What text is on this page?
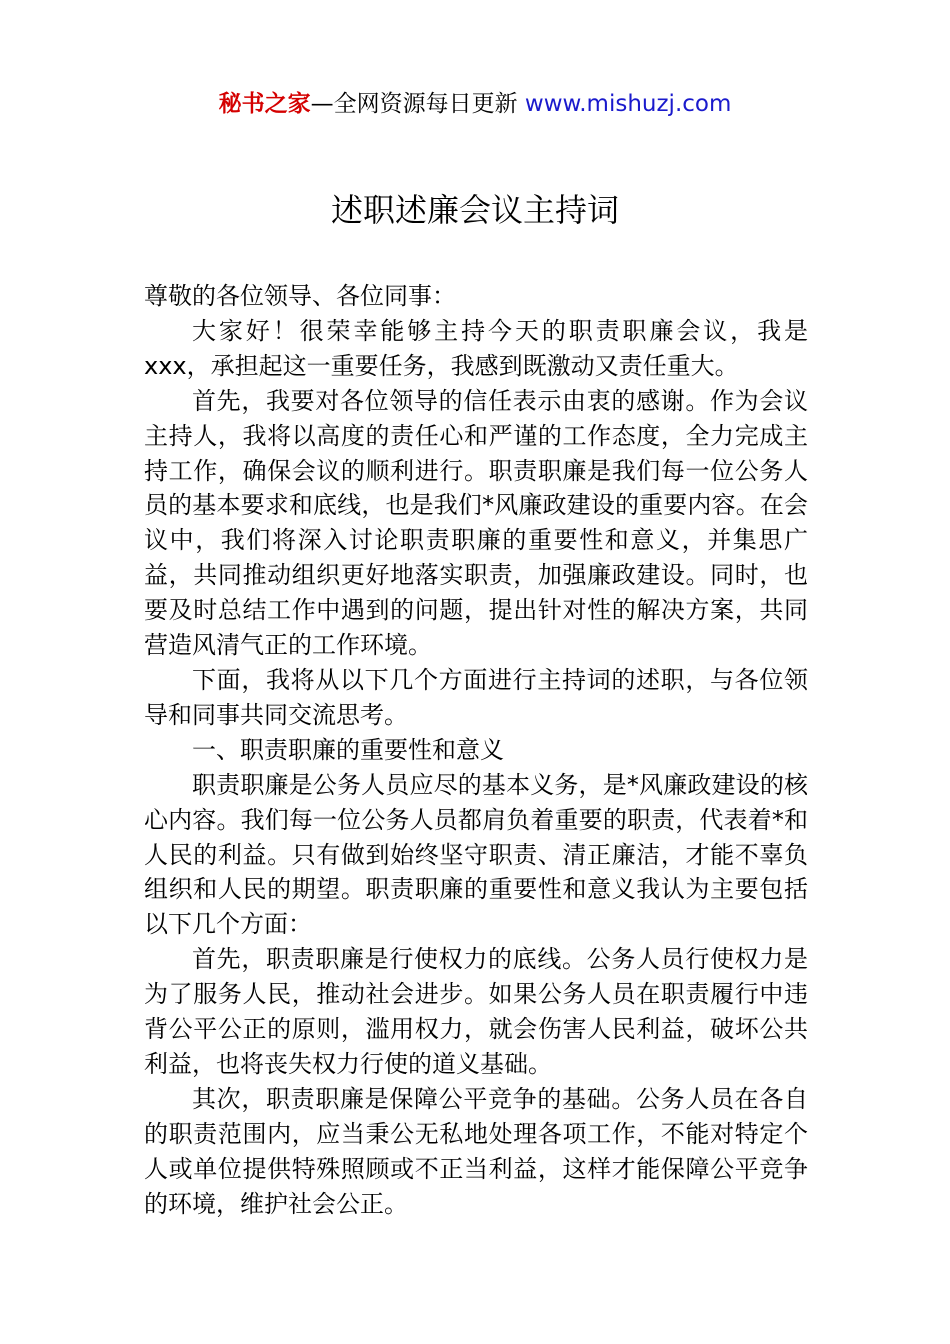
秘书之家—全网资源每日更新 www.mishuzj.com
述职述廉会议主持词

尊敬的各位领导、各位同事：

大家好！很荣幸能够主持今天的职责职廉会议，我是xxx，承担起这一重要任务，我感到既激动又责任重大。

首先，我要对各位领导的信任表示由衷的感谢。作为会议主持人，我将以高度的责任心和严谨的工作态度，全力完成主持工作，确保会议的顺利进行。职责职廉是我们每一位公务人员的基本要求和底线，也是我们*风廉政建设的重要内容。在会议中，我们将深入讨论职责职廉的重要性和意义，并集思广益，共同推动组织更好地落实职责，加强廉政建设。同时，也要及时总结工作中遇到的问题，提出针对性的解决方案，共同营造风清气正的工作环境。

下面，我将从以下几个方面进行主持词的述职，与各位领导和同事共同交流思考。

一、职责职廉的重要性和意义

职责职廉是公务人员应尽的基本义务，是*风廉政建设的核心内容。我们每一位公务人员都肩负着重要的职责，代表着*和人民的利益。只有做到始终坚守职责、清正廉洁，才能不辜负组织和人民的期望。职责职廉的重要性和意义我认为主要包括以下几个方面：

首先，职责职廉是行使权力的底线。公务人员行使权力是为了服务人民，推动社会进步。如果公务人员在职责履行中违背公平公正的原则，滥用权力，就会伤害人民利益，破坏公共利益，也将丧失权力行使的道义基础。

其次，职责职廉是保障公平竞争的基础。公务人员在各自的职责范围内，应当秉公无私地处理各项工作，不能对特定个人或单位提供特殊照顾或不正当利益，这样才能保障公平竞争的环境，维护社会公正。
